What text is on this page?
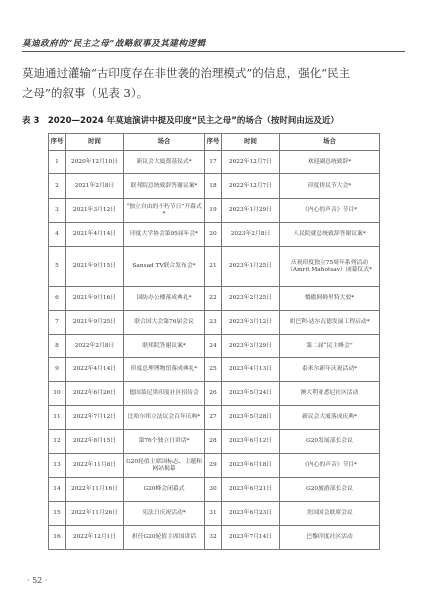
莫迪政府的“民主之母”战略叙事及其建构逻辑
莫迪通过灌输“古印度存在非世袭的治理模式”的信息，强化“民主
之母”的叙事（见表 3）。
表 3　2020—2024 年莫迪演讲中提及印度“民主之母”的场合（按时间由远及近）
序号	时间	场合	序号	时间	场合
1	2020年12月10日	新议会大厦奠基仪式*	17	2022年12月7日	欢迎副总统致辞*
2	2021年2月8日	联邦院总统致辞答谢议案*	18	2022年12月7日	印度侨民节大会*
3	2021年3月12日	“独立自由的不朽节日”开幕式*	19	2023年1月29日	《内心的声音》节目*
4	2021年4月14日	印度大学协会第95届年会*	20	2023年2月8日	人民院就总统致辞答谢议案*
5	2021年9月15日	Sansad TV联合发布会*	21	2023年1月25日	庆祝印度独立75周年系列活动（Amrit Mahotsav）闭幕仪式*
6	2021年9月16日	国防办公楼落成典礼*	22	2023年2月25日	憍傲阿姆里特大驳*
7	2021年9月25日	联合国大会第76届会议	23	2023年3月12日	胡巴利-达尔瓦德发展工程启动*
8	2022年2月8日	联邦院答谢议案*	24	2023年3月29日	第二届“民主峰会”
9	2022年4月14日	印度总理博物馆落成典礼*	25	2023年4月13日	泰米尔新年庆祝活动*
10	2022年6月26日	德国慕尼黑印度社区招待会	26	2023年5月24日	澳大利亚悉尼社区活动
11	2022年7月12日	比哈尔邦立法议会百年庆典*	27	2023年5月28日	新议会大厦落成庆典*
12	2022年8月15日	第76个独立日讲话*	28	2023年6月12日	G20发展部长会议
13	2022年11月8日	G20轮值主席国标志、主题和网站揭幕	29	2023年6月18日	《内心的声音》节目*
14	2022年11月16日	G20峰会闭幕式	30	2023年6月21日	G20旅游部长会议
15	2022年11月26日	宪法日庆祝活动*	31	2023年6月23日	美国国会联席会议
16	2022年12月1日	担任G20轮值主席国讲话	32	2023年7月14日	巴黎印度社区活动
· 52 ·
